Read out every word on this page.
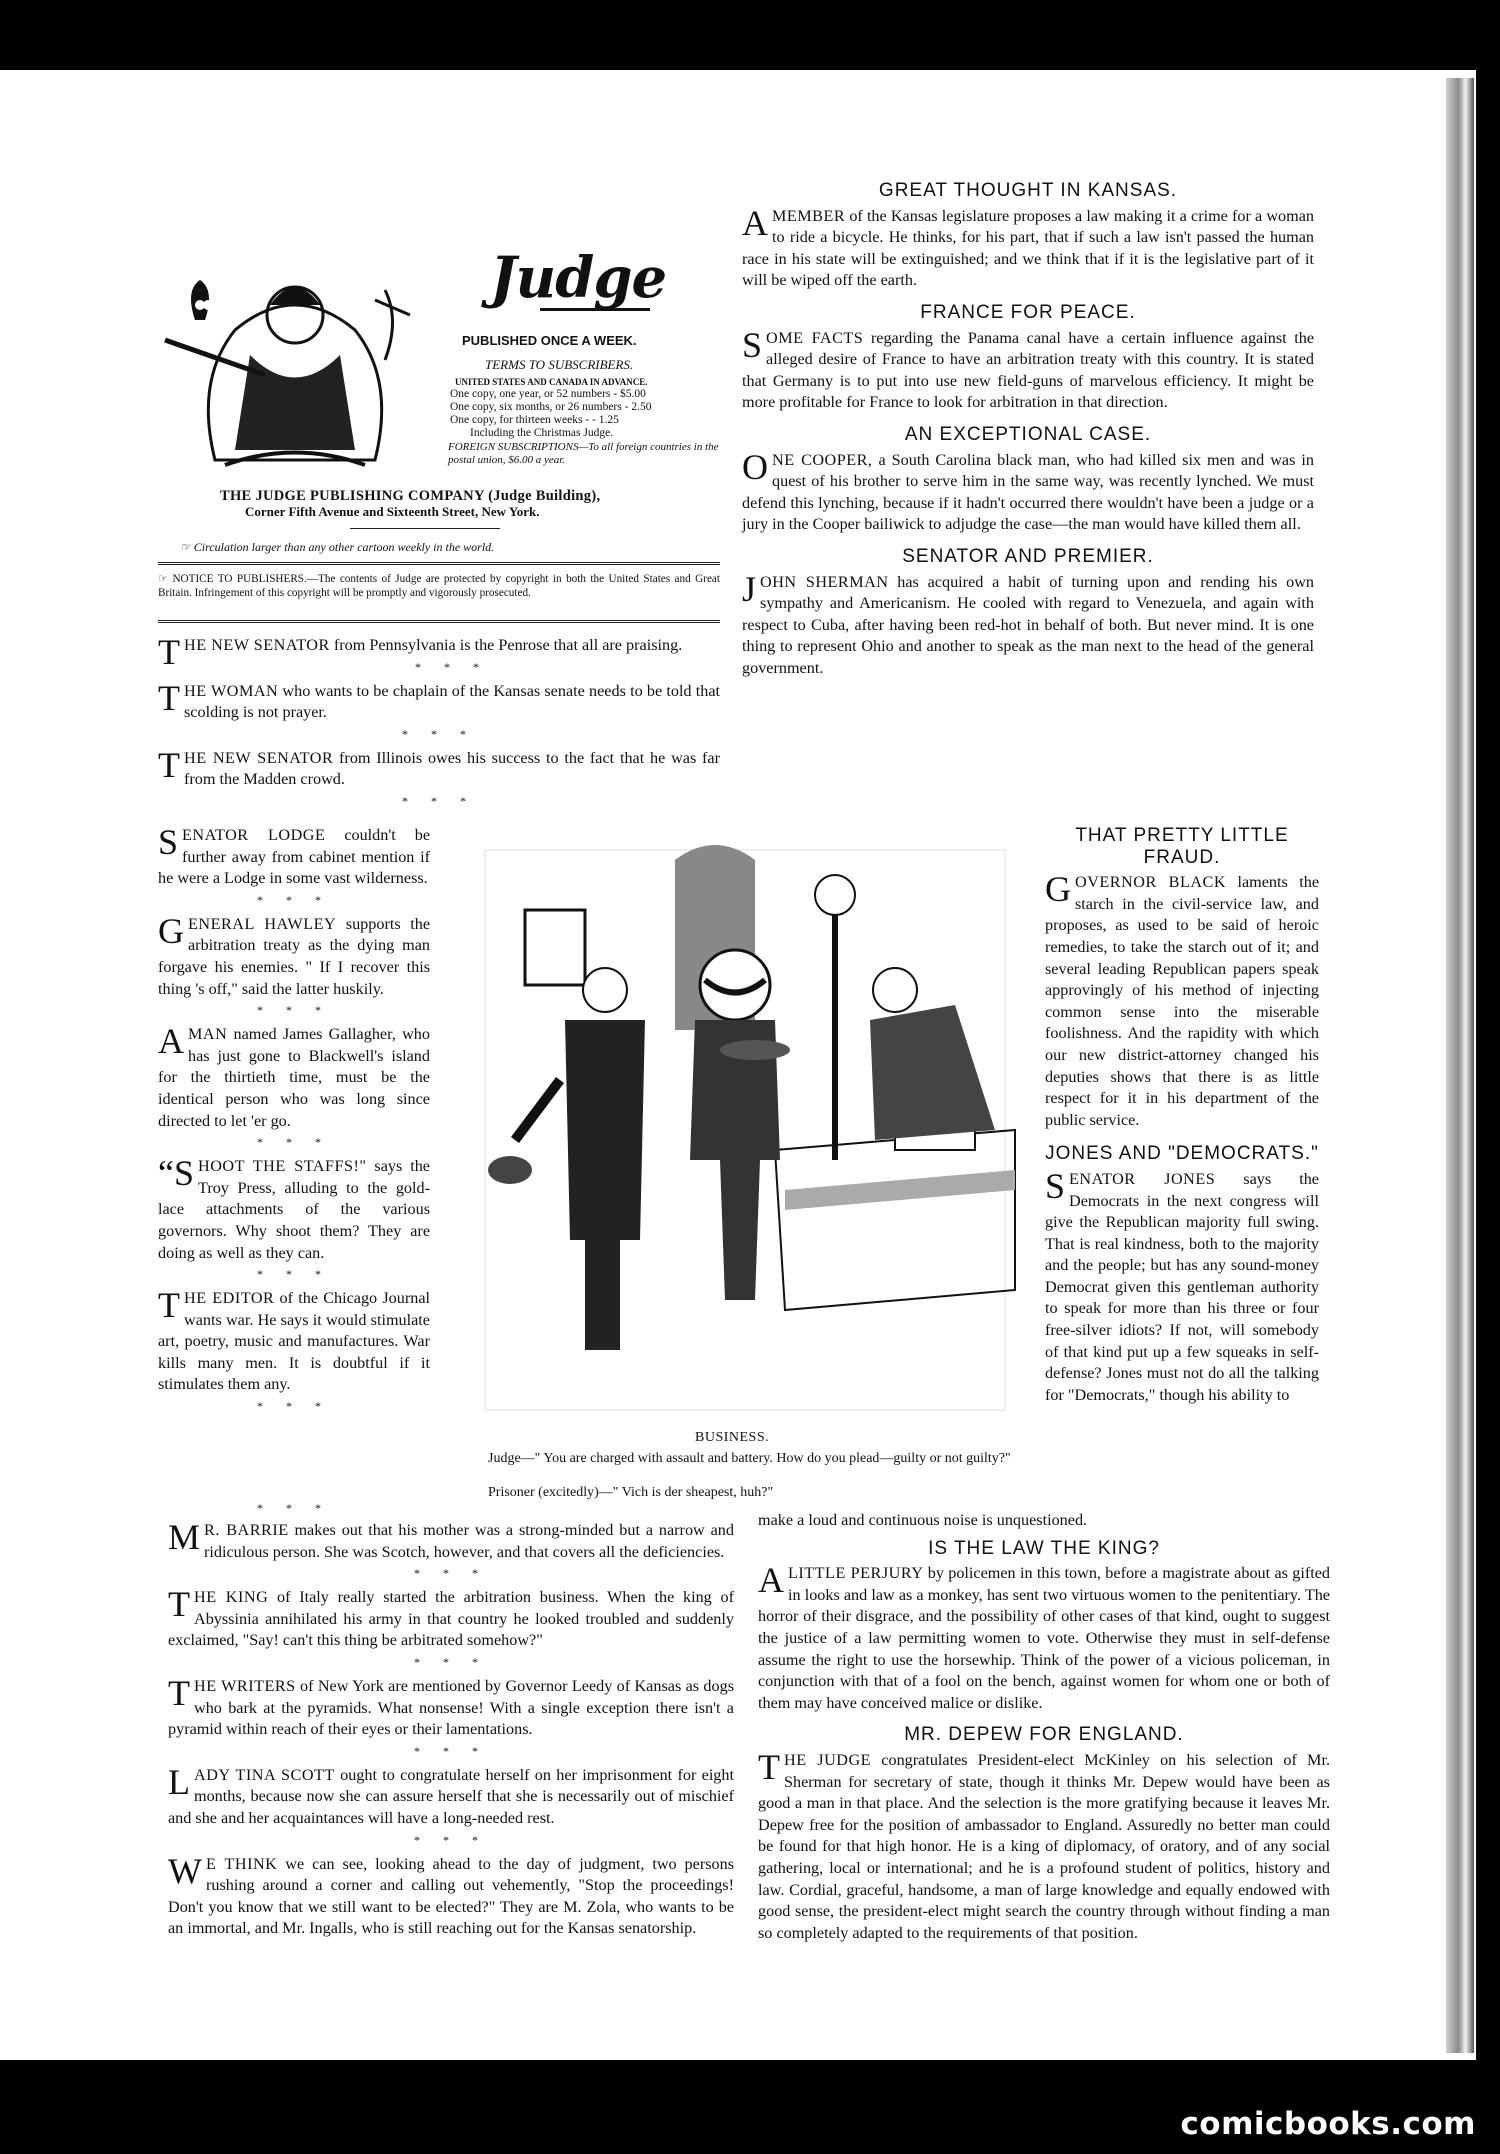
Judge
PUBLISHED ONCE A WEEK.
TERMS TO SUBSCRIBERS.
UNITED STATES AND CANADA IN ADVANCE.
One copy, one year, or 52 numbers - $5.00
One copy, six months, or 26 numbers - 2.50
One copy, for thirteen weeks - - 1.25
Including the Christmas Judge.
FOREIGN SUBSCRIPTIONS—To all foreign countries in the postal union, $6.00 a year.
THE JUDGE PUBLISHING COMPANY (Judge Building),
Corner Fifth Avenue and Sixteenth Street, New York.
☞ Circulation larger than any other cartoon weekly in the world.
☞ NOTICE TO PUBLISHERS.—The contents of Judge are protected by copyright in both the United States and Great Britain. Infringement of this copyright will be promptly and vigorously prosecuted.
THE NEW SENATOR from Pennsylvania is the Penrose that all are praising.
* * *
THE WOMAN who wants to be chaplain of the Kansas senate needs to be told that scolding is not prayer.
* * *
THE NEW SENATOR from Illinois owes his success to the fact that he was far from the Madden crowd.
* * *
SENATOR LODGE couldn't be further away from cabinet mention if he were a Lodge in some vast wilderness.
* * *
GENERAL HAWLEY supports the arbitration treaty as the dying man forgave his enemies. " If I recover this thing 's off," said the latter huskily.
* * *
A MAN named James Gallagher, who has just gone to Blackwell's island for the thirtieth time, must be the identical person who was long since directed to let 'er go.
* * *
“SHOOT THE STAFFS!" says the Troy Press, alluding to the gold-lace attachments of the various governors. Why shoot them? They are doing as well as they can.
* * *
THE EDITOR of the Chicago Journal wants war. He says it would stimulate art, poetry, music and manufactures. War kills many men. It is doubtful if it stimulates them any.
* * *
BUSINESS.
Judge—" You are charged with assault and battery. How do you plead—guilty or not guilty?"
Prisoner (excitedly)—" Vich is der sheapest, huh?"
* * *
M R. BARRIE makes out that his mother was a strong-minded but a narrow and ridiculous person. She was Scotch, however, and that covers all the deficiencies.
* * *
THE KING of Italy really started the arbitration business. When the king of Abyssinia annihilated his army in that country he looked troubled and suddenly exclaimed, "Say! can't this thing be arbitrated somehow?"
* * *
THE WRITERS of New York are mentioned by Governor Leedy of Kansas as dogs who bark at the pyramids. What nonsense! With a single exception there isn't a pyramid within reach of their eyes or their lamentations.
* * *
LADY TINA SCOTT ought to congratulate herself on her imprisonment for eight months, because now she can assure herself that she is necessarily out of mischief and she and her acquaintances will have a long-needed rest.
* * *
W E THINK we can see, looking ahead to the day of judgment, two persons rushing around a corner and calling out vehemently, "Stop the proceedings! Don't you know that we still want to be elected?" They are M. Zola, who wants to be an immortal, and Mr. Ingalls, who is still reaching out for the Kansas senatorship.
GREAT THOUGHT IN KANSAS.

A MEMBER of the Kansas legislature proposes a law making it a crime for a woman to ride a bicycle. He thinks, for his part, that if such a law isn't passed the human race in his state will be extinguished; and we think that if it is the legislative part of it will be wiped off the earth.

FRANCE FOR PEACE.

SOME FACTS regarding the Panama canal have a certain influence against the alleged desire of France to have an arbitration treaty with this country. It is stated that Germany is to put into use new field-guns of marvelous efficiency. It might be more profitable for France to look for arbitration in that direction.

AN EXCEPTIONAL CASE.

ONE COOPER, a South Carolina black man, who had killed six men and was in quest of his brother to serve him in the same way, was recently lynched. We must defend this lynching, because if it hadn't occurred there wouldn't have been a judge or a jury in the Cooper bailiwick to adjudge the case—the man would have killed them all.

SENATOR AND PREMIER.

JOHN SHERMAN has acquired a habit of turning upon and rending his own sympathy and Americanism. He cooled with regard to Venezuela, and again with respect to Cuba, after having been red-hot in behalf of both. But never mind. It is one thing to represent Ohio and another to speak as the man next to the head of the general government.

THAT PRETTY LITTLE FRAUD.

GOVERNOR BLACK laments the starch in the civil-service law, and proposes, as used to be said of heroic remedies, to take the starch out of it; and several leading Republican papers speak approvingly of his method of injecting common sense into the miserable foolishness. And the rapidity with which our new district-attorney changed his deputies shows that there is as little respect for it in his department of the public service.

JONES AND "DEMOCRATS."

SENATOR JONES says the Democrats in the next congress will give the Republican majority full swing. That is real kindness, both to the majority and the people; but has any sound-money Democrat given this gentleman authority to speak for more than his three or four free-silver idiots? If not, will somebody of that kind put up a few squeaks in self-defense? Jones must not do all the talking for "Democrats," though his ability to

make a loud and continuous noise is unquestioned.

IS THE LAW THE KING?

A LITTLE PERJURY by policemen in this town, before a magistrate about as gifted in looks and law as a monkey, has sent two virtuous women to the penitentiary. The horror of their disgrace, and the possibility of other cases of that kind, ought to suggest the justice of a law permitting women to vote. Otherwise they must in self-defense assume the right to use the horsewhip. Think of the power of a vicious policeman, in conjunction with that of a fool on the bench, against women for whom one or both of them may have conceived malice or dislike.

MR. DEPEW FOR ENGLAND.

THE JUDGE congratulates President-elect McKinley on his selection of Mr. Sherman for secretary of state, though it thinks Mr. Depew would have been as good a man in that place. And the selection is the more gratifying because it leaves Mr. Depew free for the position of ambassador to England. Assuredly no better man could be found for that high honor. He is a king of diplomacy, of oratory, and of any social gathering, local or international; and he is a profound student of politics, history and law. Cordial, graceful, handsome, a man of large knowledge and equally endowed with good sense, the president-elect might search the country through without finding a man so completely adapted to the requirements of that position.

comicbooks.com
